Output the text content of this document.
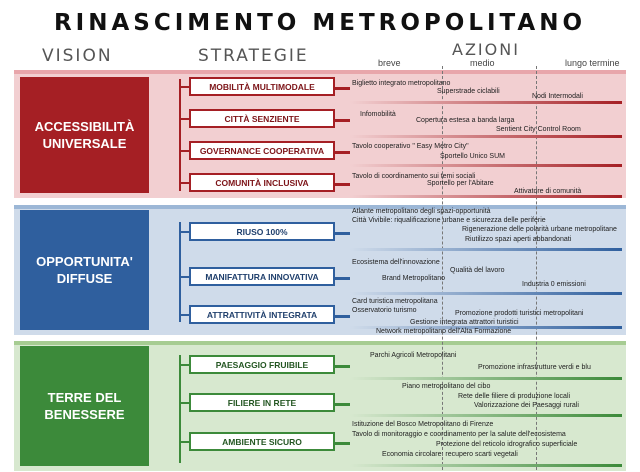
RINASCIMENTO METROPOLITANO
VISION	STRATEGIE	AZIONI
breve	medio	lungo termine
ACCESSIBILITÀ UNIVERSALE
OPPORTUNITA' DIFFUSE
TERRE DEL BENESSERE
MOBILITÀ MULTIMODALE	Biglietto integrato metropolitano
Superstrade ciclabili
Nodi Intermodali
CITTÀ SENZIENTE	Infomobilità
Copertura estesa a banda larga
Sentient City Control Room
GOVERNANCE COOPERATIVA	Tavolo cooperativo " Easy Metro City"
Sportello Unico SUM
COMUNITÀ INCLUSIVA
Tavolo di coordinamento sui temi sociali
Sportello per l'Abitare
Attivatore di comunità
RIUSO 100%
Atlante metropolitano degli spazi-opportunità
Città Vivibile: riqualificazione urbane e sicurezza delle periferie
Rigenerazione delle polarità urbane metropolitane
Riutilizzo spazi aperti abbandonati
MANIFATTURA INNOVATIVA
Ecosistema dell'innovazione
Qualità del lavoro
Brand Metropolitano
Industria 0 emissioni
ATTRATTIVITÀ INTEGRATA
Card turistica metropolitana
Osservatorio turismo	Promozione prodotti turistici metropolitani
Gestione integrata attrattori turistici
Network metropolitano dell'Alta Formazione
PAESAGGIO FRUIBILE
Parchi Agricoli Metropolitani
Promozione infrastrutture verdi e blu
FILIERE IN RETE
Piano metropolitano del cibo
Rete delle filiere di produzione locali
Valorizzazione dei Paesaggi rurali
AMBIENTE SICURO
Istituzione del Bosco Metropolitano di Firenze
Tavolo di monitoraggio e coordinamento per la salute dell'ecosistema
Protezione del reticolo idrografico superficiale
Economia circolare: recupero scarti vegetali
